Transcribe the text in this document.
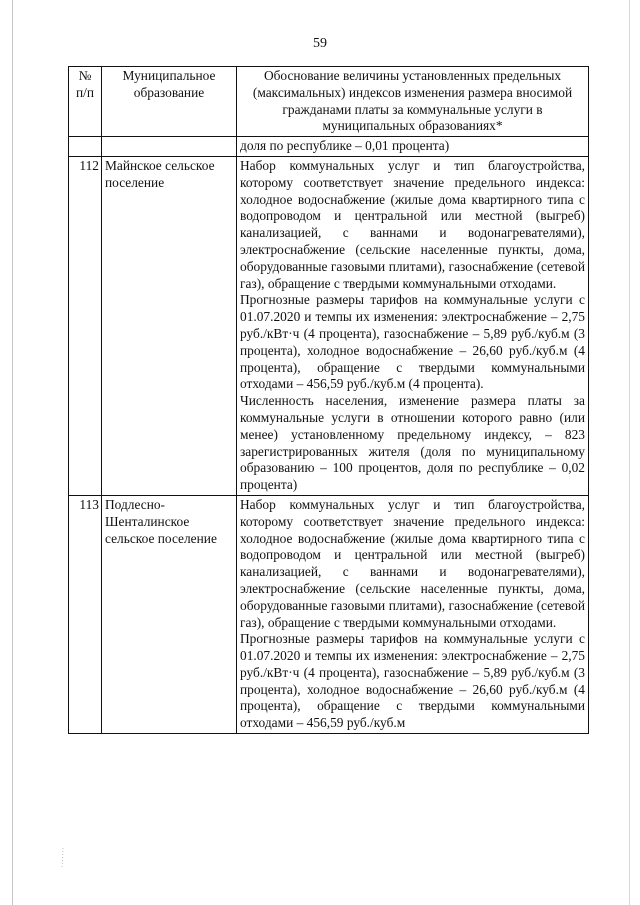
59
№ п/п	Муниципальное образование	Обоснование величины установленных предельных (максимальных) индексов изменения размера вносимой гражданами платы за коммунальные услуги в муниципальных образованиях*
		доля по республике – 0,01 процента)
112	Майнское сельское поселение	Набор коммунальных услуг и тип благоустройства, которому соответствует значение предельного индекса: холодное водоснабжение (жилые дома квартирного типа с водопроводом и центральной или местной (выгреб) канализацией, с ваннами и водонагревателями), электроснабжение (сельские населенные пункты, дома, оборудованные газовыми плитами), газоснабжение (сетевой газ), обращение с твердыми коммунальными отходами.
Прогнозные размеры тарифов на коммунальные услуги с 01.07.2020 и темпы их изменения: электроснабжение – 2,75 руб./кВт·ч (4 процента), газоснабжение – 5,89 руб./куб.м (3 процента), холодное водоснабжение – 26,60 руб./куб.м (4 процента), обращение с твердыми коммунальными отходами – 456,59 руб./куб.м (4 процента).
Численность населения, изменение размера платы за коммунальные услуги в отношении которого равно (или менее) установленному предельному индексу, – 823 зарегистрированных жителя (доля по муниципальному образованию – 100 процентов, доля по республике – 0,02 процента)

113	Подлесно-Шенталинское сельское поселение	Набор коммунальных услуг и тип благоустройства, которому соответствует значение предельного индекса: холодное водоснабжение (жилые дома квартирного типа с водопроводом и центральной или местной (выгреб) канализацией, с ваннами и водонагревателями), электроснабжение (сельские населенные пункты, дома, оборудованные газовыми плитами), газоснабжение (сетевой газ), обращение с твердыми коммунальными отходами.
Прогнозные размеры тарифов на коммунальные услуги с 01.07.2020 и темпы их изменения: электроснабжение – 2,75 руб./кВт·ч (4 процента), газоснабжение – 5,89 руб./куб.м (3 процента), холодное водоснабжение – 26,60 руб./куб.м (4 процента), обращение с твердыми коммунальными отходами – 456,59 руб./куб.м
